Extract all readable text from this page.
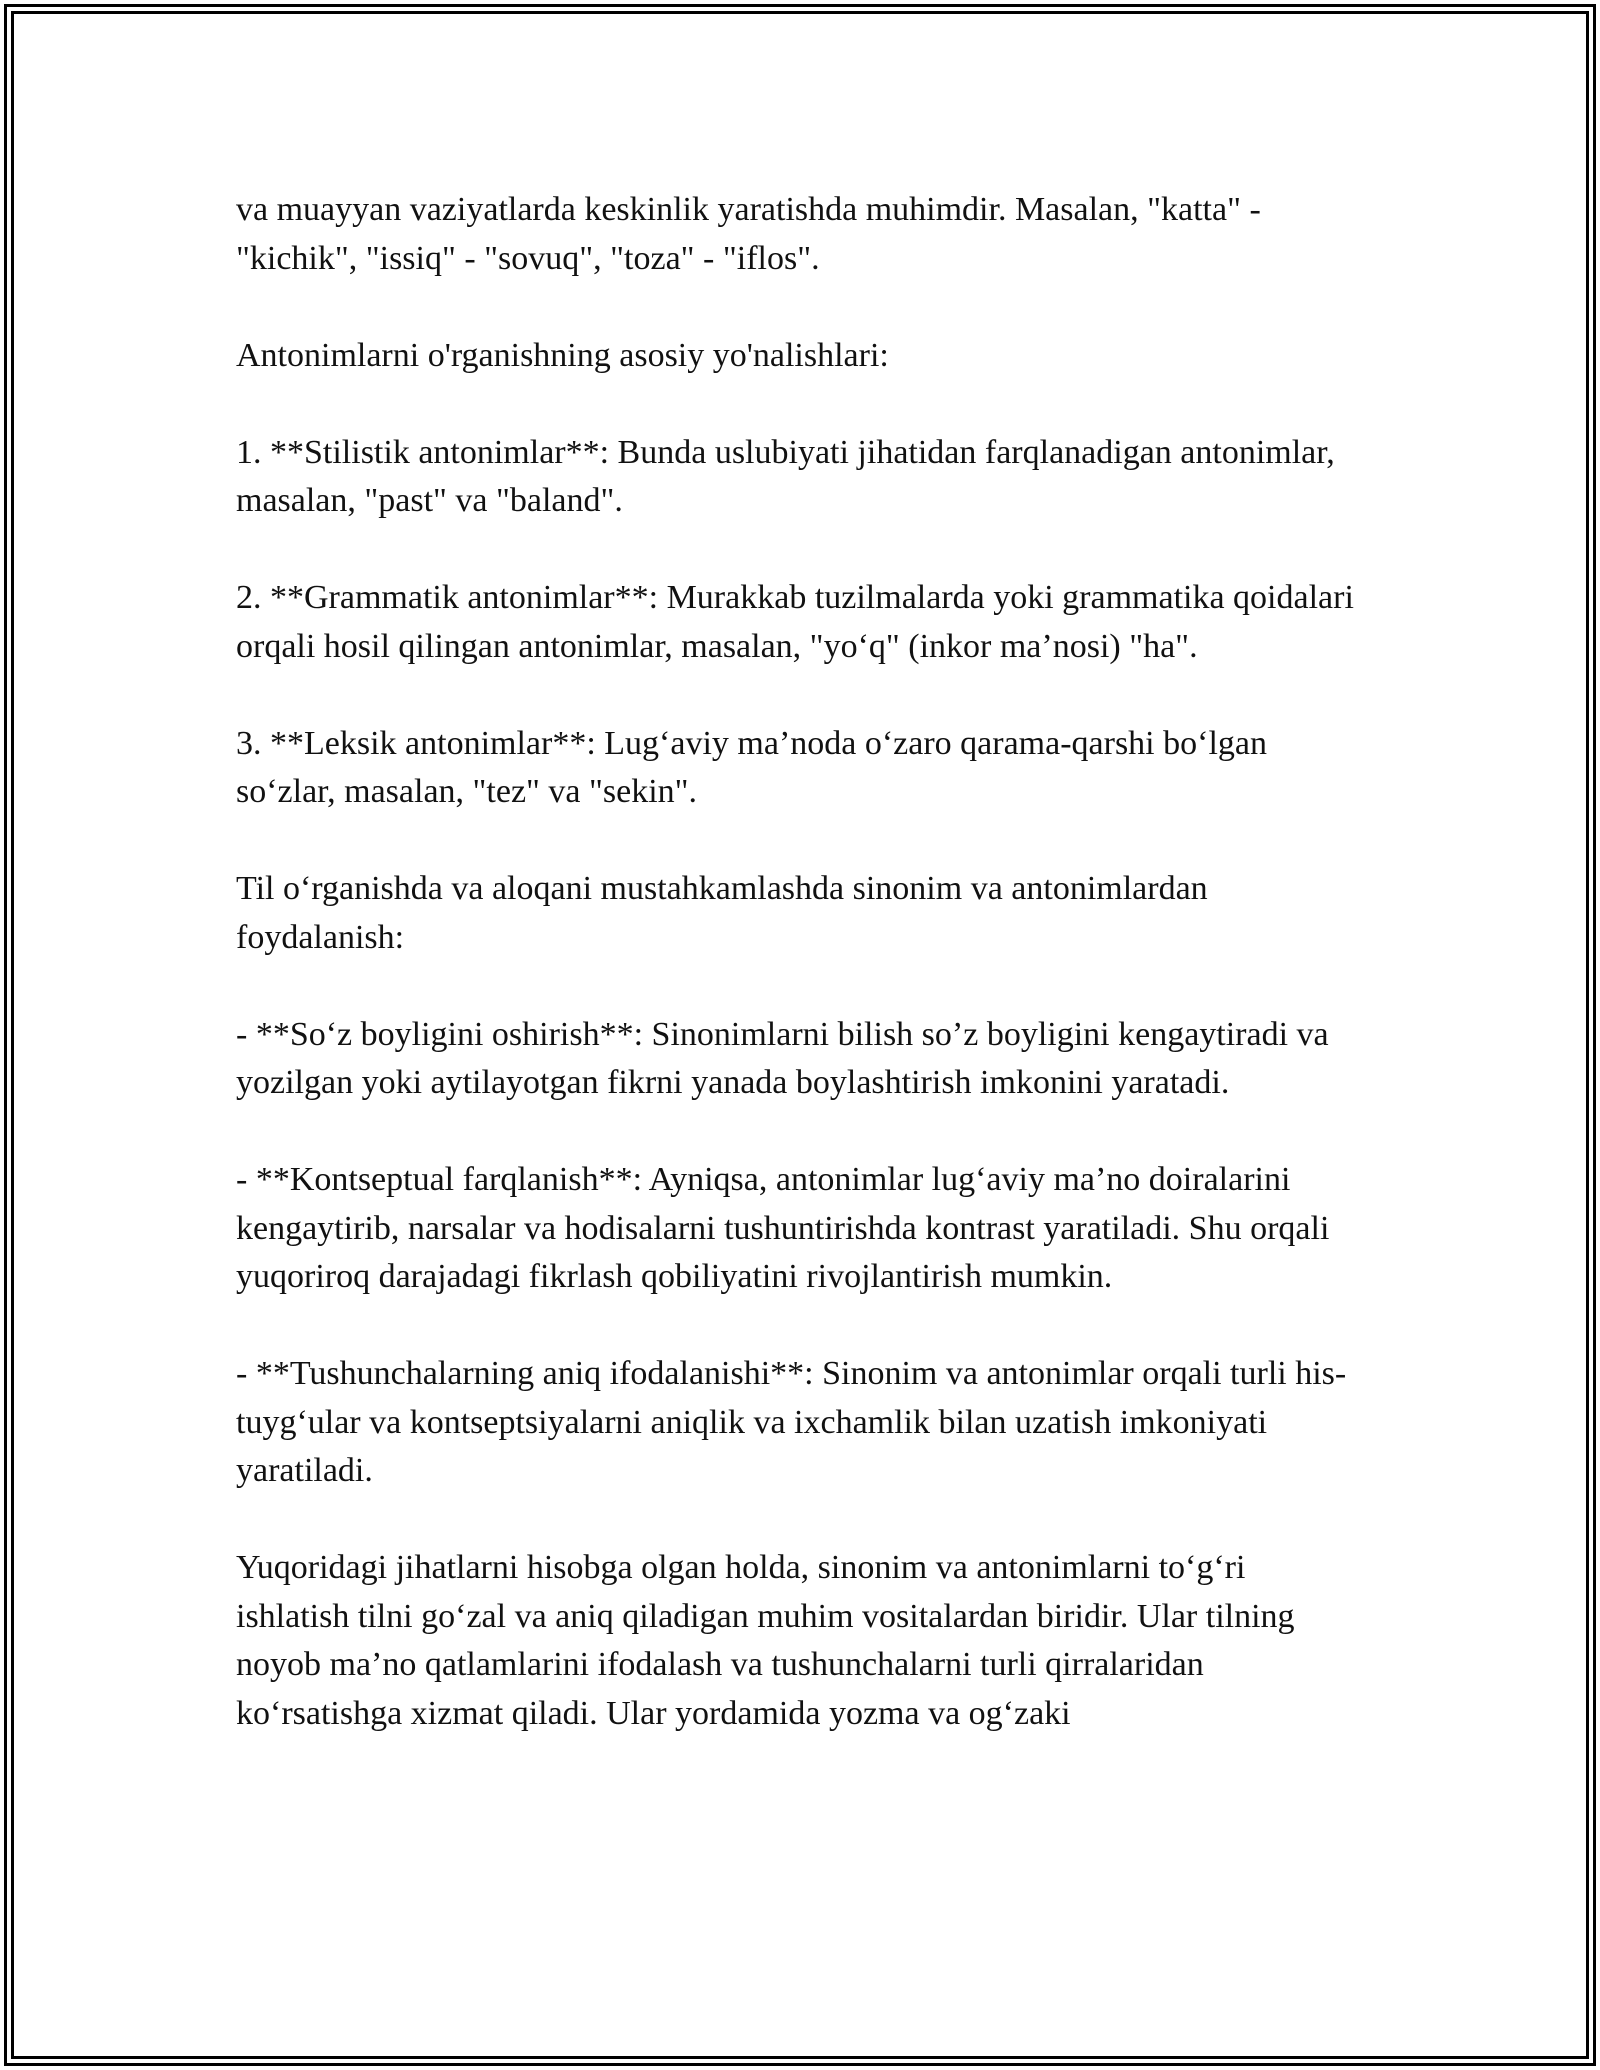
va muayyan vaziyatlarda keskinlik yaratishda muhimdir. Masalan, "katta" - "kichik", "issiq" - "sovuq", "toza" - "iflos".

Antonimlarni o'rganishning asosiy yo'nalishlari:

1. **Stilistik antonimlar**: Bunda uslubiyati jihatidan farqlanadigan antonimlar, masalan, "past" va "baland".

2. **Grammatik antonimlar**: Murakkab tuzilmalarda yoki grammatika qoidalari orqali hosil qilingan antonimlar, masalan, "yo‘q" (inkor ma’nosi) "ha".

3. **Leksik antonimlar**: Lug‘aviy ma’noda o‘zaro qarama-qarshi bo‘lgan so‘zlar, masalan, "tez" va "sekin".

Til o‘rganishda va aloqani mustahkamlashda sinonim va antonimlardan foydalanish:

- **So‘z boyligini oshirish**: Sinonimlarni bilish so’z boyligini kengaytiradi va yozilgan yoki aytilayotgan fikrni yanada boylashtirish imkonini yaratadi.

- **Kontseptual farqlanish**: Ayniqsa, antonimlar lug‘aviy ma’no doiralarini kengaytirib, narsalar va hodisalarni tushuntirishda kontrast yaratiladi. Shu orqali yuqoriroq darajadagi fikrlash qobiliyatini rivojlantirish mumkin.

- **Tushunchalarning aniq ifodalanishi**: Sinonim va antonimlar orqali turli his-tuyg‘ular va kontseptsiyalarni aniqlik va ixchamlik bilan uzatish imkoniyati yaratiladi.

Yuqoridagi jihatlarni hisobga olgan holda, sinonim va antonimlarni to‘g‘ri ishlatish tilni go‘zal va aniq qiladigan muhim vositalardan biridir. Ular tilning noyob ma’no qatlamlarini ifodalash va tushunchalarni turli qirralaridan ko‘rsatishga xizmat qiladi. Ular yordamida yozma va og‘zaki
